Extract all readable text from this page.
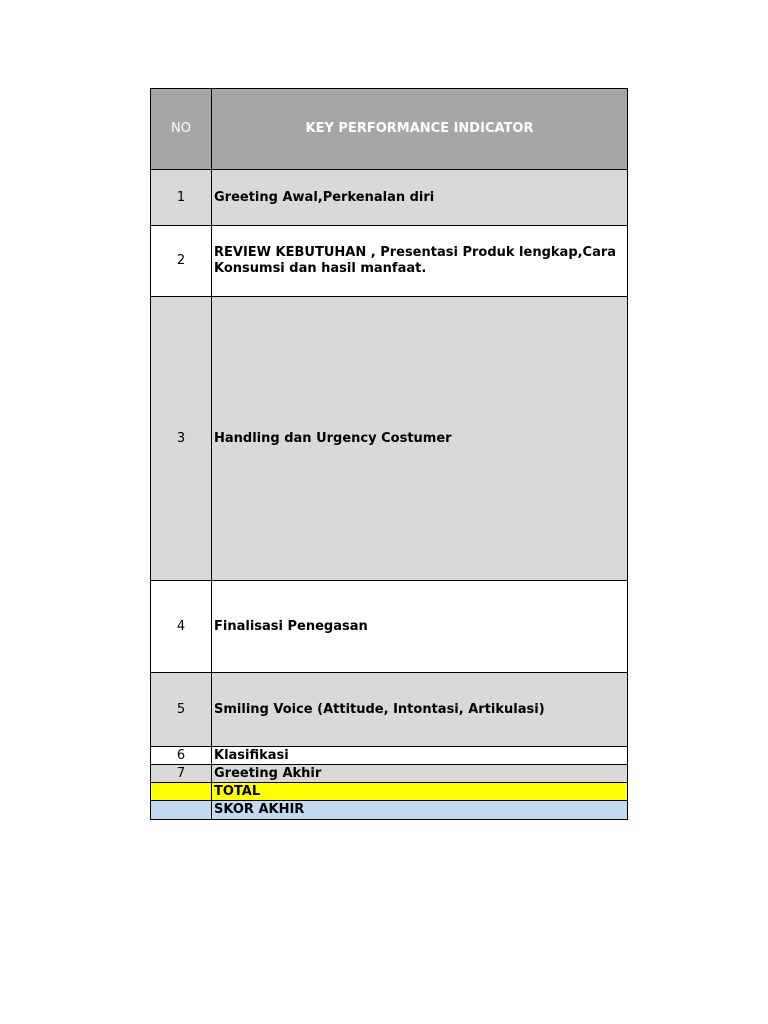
NO	KEY PERFORMANCE INDICATOR
1	Greeting Awal,Perkenalan diri
2	REVIEW KEBUTUHAN , Presentasi Produk lengkap,Cara Konsumsi dan hasil manfaat.
3	Handling dan Urgency Costumer
4	Finalisasi Penegasan
5	Smiling Voice (Attitude, Intontasi, Artikulasi)
6	Klasifikasi
7	Greeting Akhir
	TOTAL
	SKOR AKHIR
